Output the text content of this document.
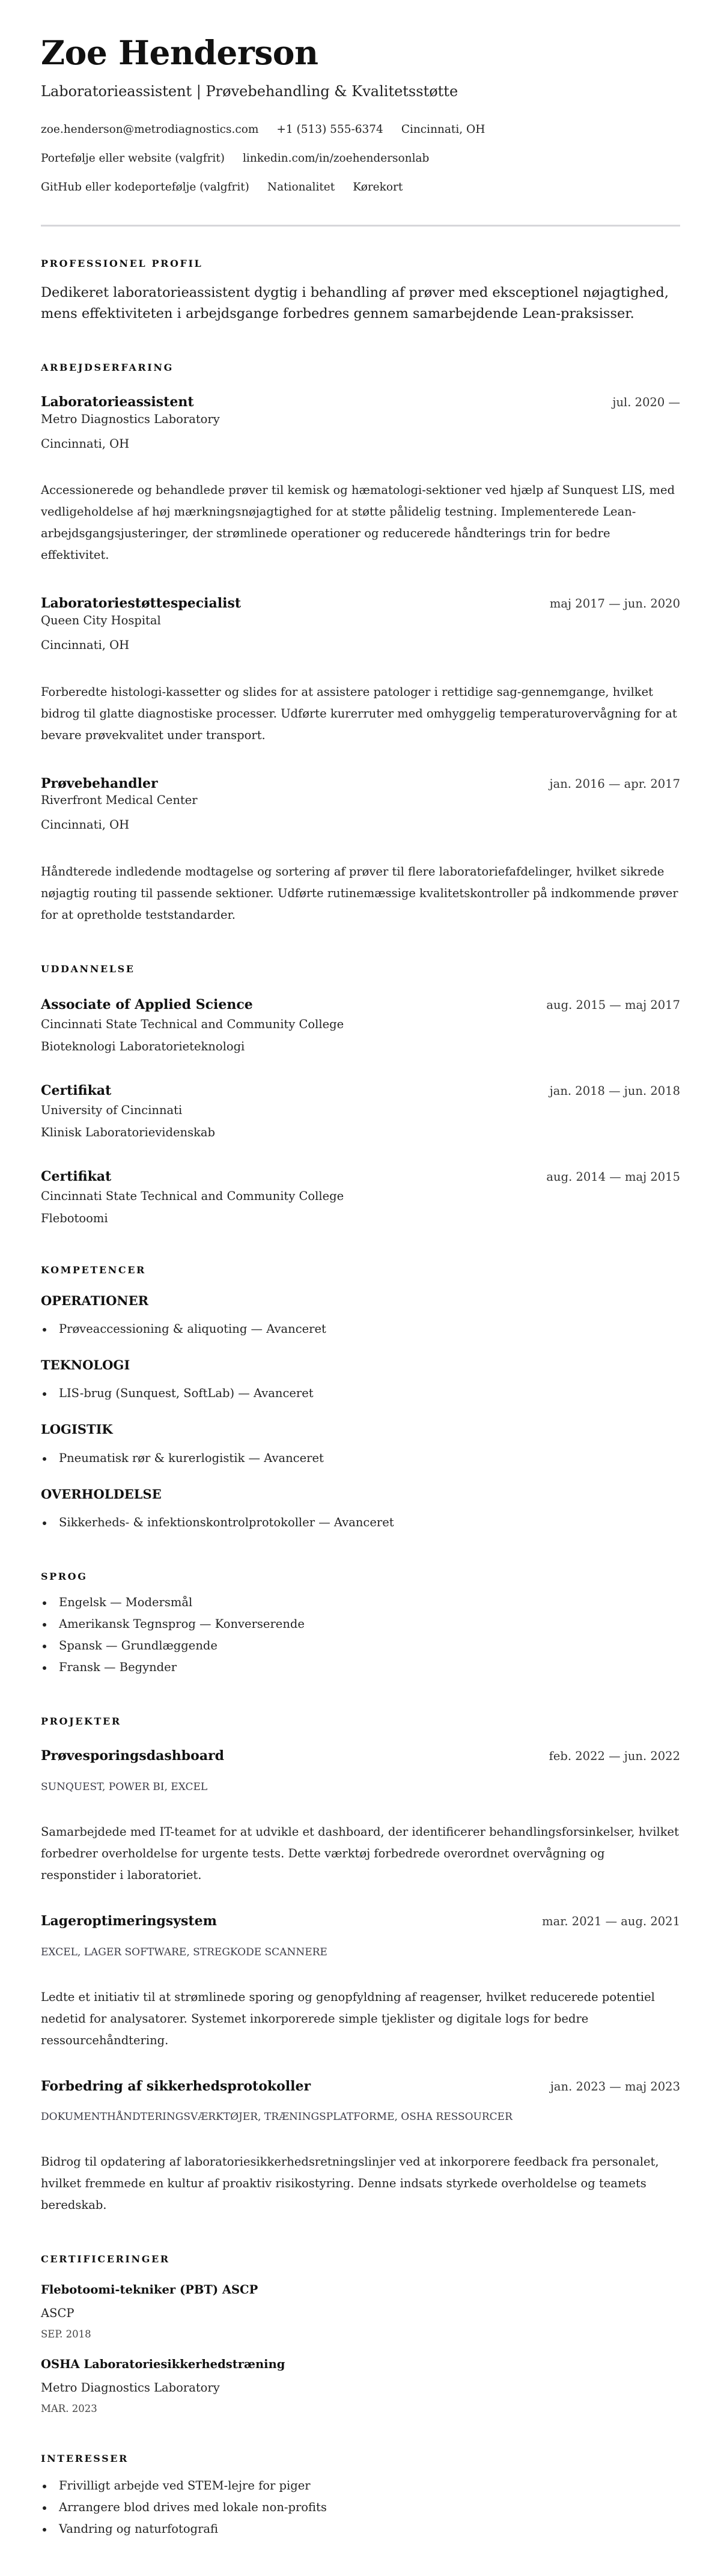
Zoe Henderson
Laboratorieassistent | Prøvebehandling & Kvalitetsstøtte
zoe.henderson@metrodiagnostics.com +1 (513) 555-6374 Cincinnati, OH
Portefølje eller website (valgfrit) linkedin.com/in/zoehendersonlab
GitHub eller kodeportefølje (valgfrit) Nationalitet Kørekort
PROFESSIONEL PROFIL

Dedikeret laboratorieassistent dygtig i behandling af prøver med eksceptionel nøjagtighed, mens effektiviteten i arbejdsgange forbedres gennem samarbejdende Lean-praksisser.

ARBEJDSERFARING
Laboratorieassistent	jul. 2020 —
Metro Diagnostics Laboratory
Cincinnati, OH

Accessionerede og behandlede prøver til kemisk og hæmatologi-sektioner ved hjælp af Sunquest LIS, med vedligeholdelse af høj mærkningsnøjagtighed for at støtte pålidelig testning. Implementerede Lean-arbejdsgangsjusteringer, der strømlinede operationer og reducerede håndterings trin for bedre effektivitet.

Laboratoriestøttespecialist	maj 2017 — jun. 2020
Queen City Hospital
Cincinnati, OH

Forberedte histologi-kassetter og slides for at assistere patologer i rettidige sag-gennemgange, hvilket bidrog til glatte diagnostiske processer. Udførte kurerruter med omhyggelig temperaturovervågning for at bevare prøvekvalitet under transport.

Prøvebehandler	jan. 2016 — apr. 2017
Riverfront Medical Center
Cincinnati, OH

Håndterede indledende modtagelse og sortering af prøver til flere laboratoriefafdelinger, hvilket sikrede nøjagtig routing til passende sektioner. Udførte rutinemæssige kvalitetskontroller på indkommende prøver for at opretholde teststandarder.

UDDANNELSE
Associate of Applied Science	aug. 2015 — maj 2017
Cincinnati State Technical and Community College
Bioteknologi Laboratorieteknologi
Certifikat	jan. 2018 — jun. 2018
University of Cincinnati
Klinisk Laboratorievidenskab
Certifikat	aug. 2014 — maj 2015
Cincinnati State Technical and Community College
Flebotoomi
KOMPETENCER
OPERATIONER
Prøveaccessioning & aliquoting — Avanceret
TEKNOLOGI
LIS-brug (Sunquest, SoftLab) — Avanceret
LOGISTIK
Pneumatisk rør & kurerlogistik — Avanceret
OVERHOLDELSE
Sikkerheds- & infektionskontrolprotokoller — Avanceret
SPROG
Engelsk — Modersmål
Amerikansk Tegnsprog — Konverserende
Spansk — Grundlæggende
Fransk — Begynder
PROJEKTER
Prøvesporingsdashboard	feb. 2022 — jun. 2022
SUNQUEST, POWER BI, EXCEL

Samarbejdede med IT-teamet for at udvikle et dashboard, der identificerer behandlingsforsinkelser, hvilket forbedrer overholdelse for urgente tests. Dette værktøj forbedrede overordnet overvågning og responstider i laboratoriet.

Lageroptimeringsystem	mar. 2021 — aug. 2021
EXCEL, LAGER SOFTWARE, STREGKODE SCANNERE

Ledte et initiativ til at strømlinede sporing og genopfyldning af reagenser, hvilket reducerede potentiel nedetid for analysatorer. Systemet inkorporerede simple tjeklister og digitale logs for bedre ressourcehåndtering.

Forbedring af sikkerhedsprotokoller	jan. 2023 — maj 2023
DOKUMENTHÅNDTERINGSVÆRKTØJER, TRÆNINGSPLATFORME, OSHA RESSOURCER

Bidrog til opdatering af laboratoriesikkerhedsretningslinjer ved at inkorporere feedback fra personalet, hvilket fremmede en kultur af proaktiv risikostyring. Denne indsats styrkede overholdelse og teamets beredskab.

CERTIFICERINGER
Flebotoomi-tekniker (PBT) ASCP
ASCP
SEP. 2018
OSHA Laboratoriesikkerhedstræning
Metro Diagnostics Laboratory
MAR. 2023
INTERESSER
Frivilligt arbejde ved STEM-lejre for piger
Arrangere blod drives med lokale non-profits
Vandring og naturfotografi
